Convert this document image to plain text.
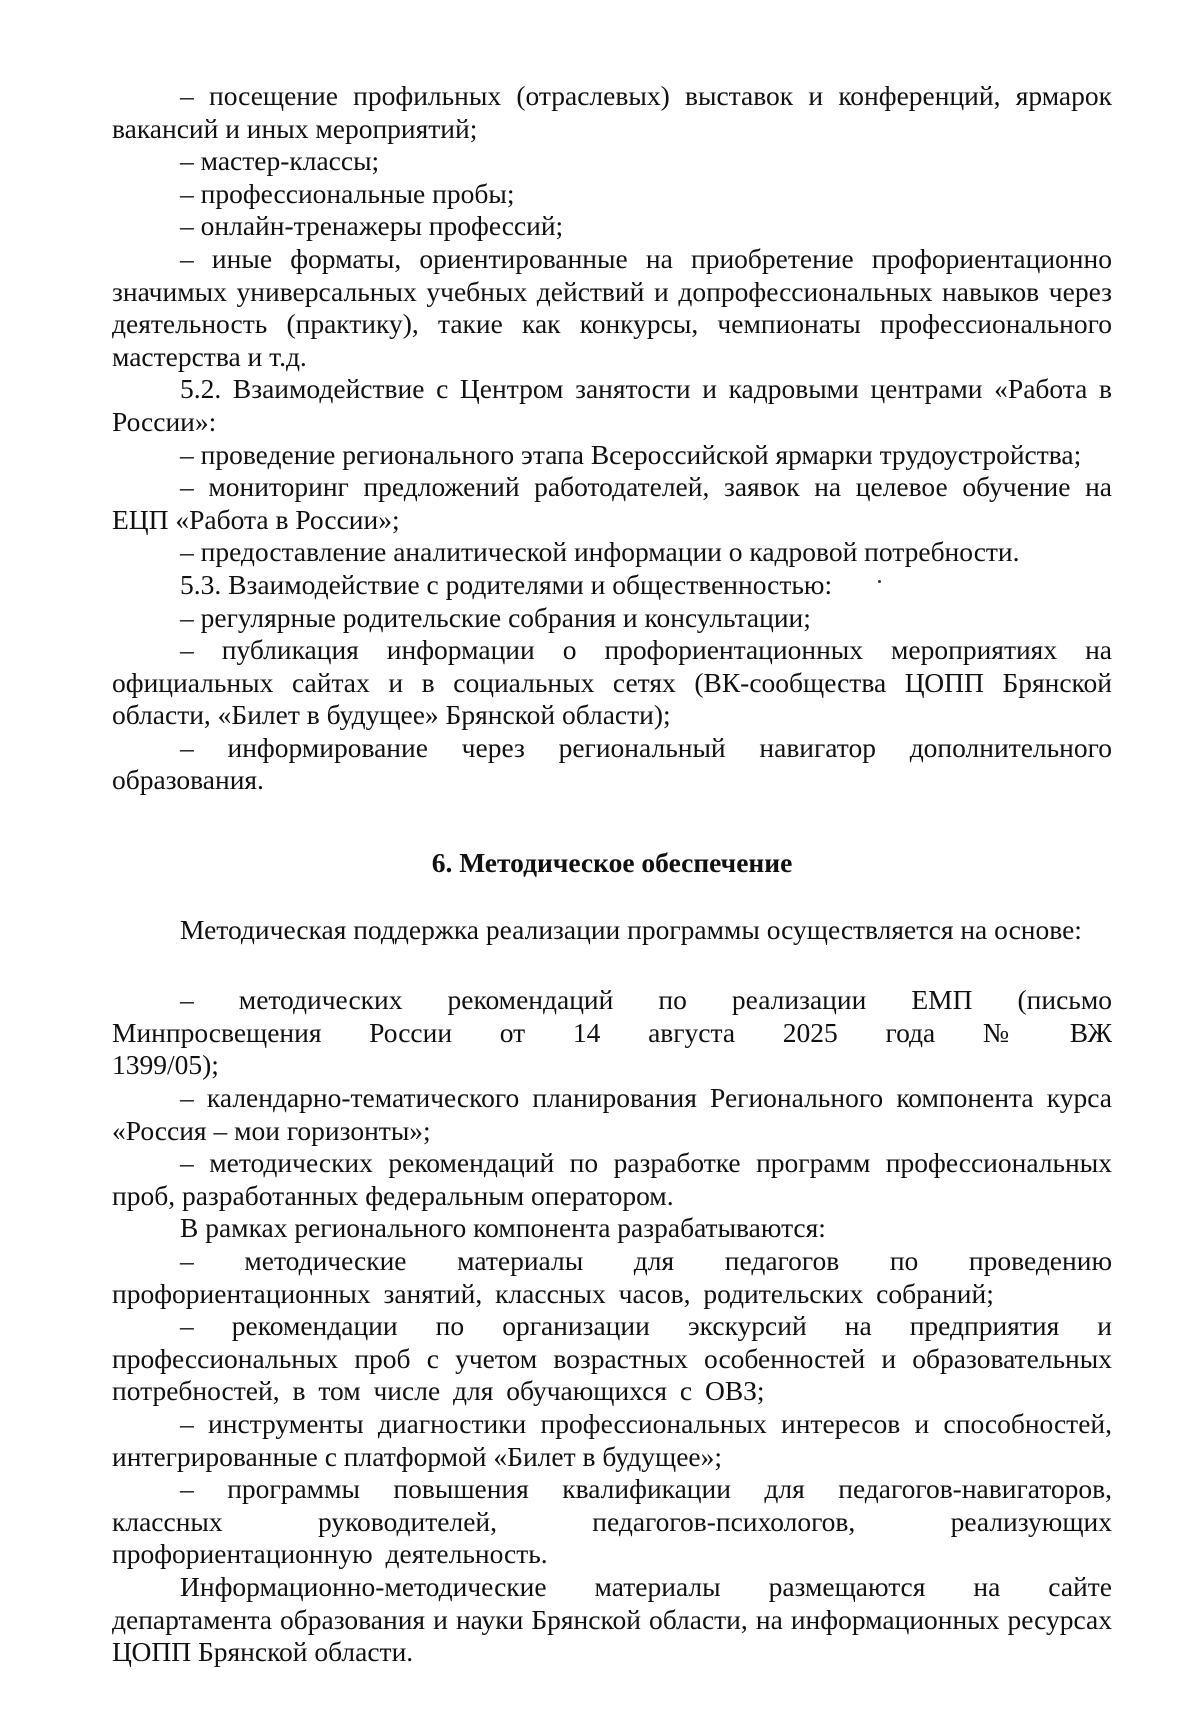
– посещение профильных (отраслевых) выставок и конференций, ярмарок вакансий и иных мероприятий;

– мастер-классы;

– профессиональные пробы;

– онлайн-тренажеры профессий;

– иные форматы, ориентированные на приобретение профориентационно значимых универсальных учебных действий и допрофессиональных навыков через деятельность (практику), такие как конкурсы, чемпионаты профессионального мастерства и т.д.

5.2. Взаимодействие с Центром занятости и кадровыми центрами «Работа в России»:

– проведение регионального этапа Всероссийской ярмарки трудоустройства;

– мониторинг предложений работодателей, заявок на целевое обучение на ЕЦП «Работа в России»;

– предоставление аналитической информации о кадровой потребности.

5.3. Взаимодействие с родителями и общественностью:

– регулярные родительские собрания и консультации;

– публикация информации о профориентационных мероприятиях на официальных сайтах и в социальных сетях (ВК-сообщества ЦОПП Брянской области, «Билет в будущее» Брянской области);

– информирование через региональный навигатор дополнительного образования.

6. Методическое обеспечение

Методическая поддержка реализации программы осуществляется на основе:

– методических рекомендаций по реализации ЕМП (письмо Минпросвещения России от 14 августа 2025 года № ВЖ 1399/05);

– календарно-тематического планирования Регионального компонента курса «Россия – мои горизонты»;

– методических рекомендаций по разработке программ профессиональных проб, разработанных федеральным оператором.

В рамках регионального компонента разрабатываются:

– методические материалы для педагогов по проведению профориентационных занятий, классных часов, родительских собраний;

– рекомендации по организации экскурсий на предприятия и профессиональных проб с учетом возрастных особенностей и образовательных потребностей, в том числе для обучающихся с ОВЗ;

– инструменты диагностики профессиональных интересов и способностей, интегрированные с платформой «Билет в будущее»;

– программы повышения квалификации для педагогов-навигаторов, классных руководителей, педагогов-психологов, реализующих профориентационную деятельность.

Информационно-методические материалы размещаются на сайте департамента образования и науки Брянской области, на информационных ресурсах ЦОПП Брянской области.
